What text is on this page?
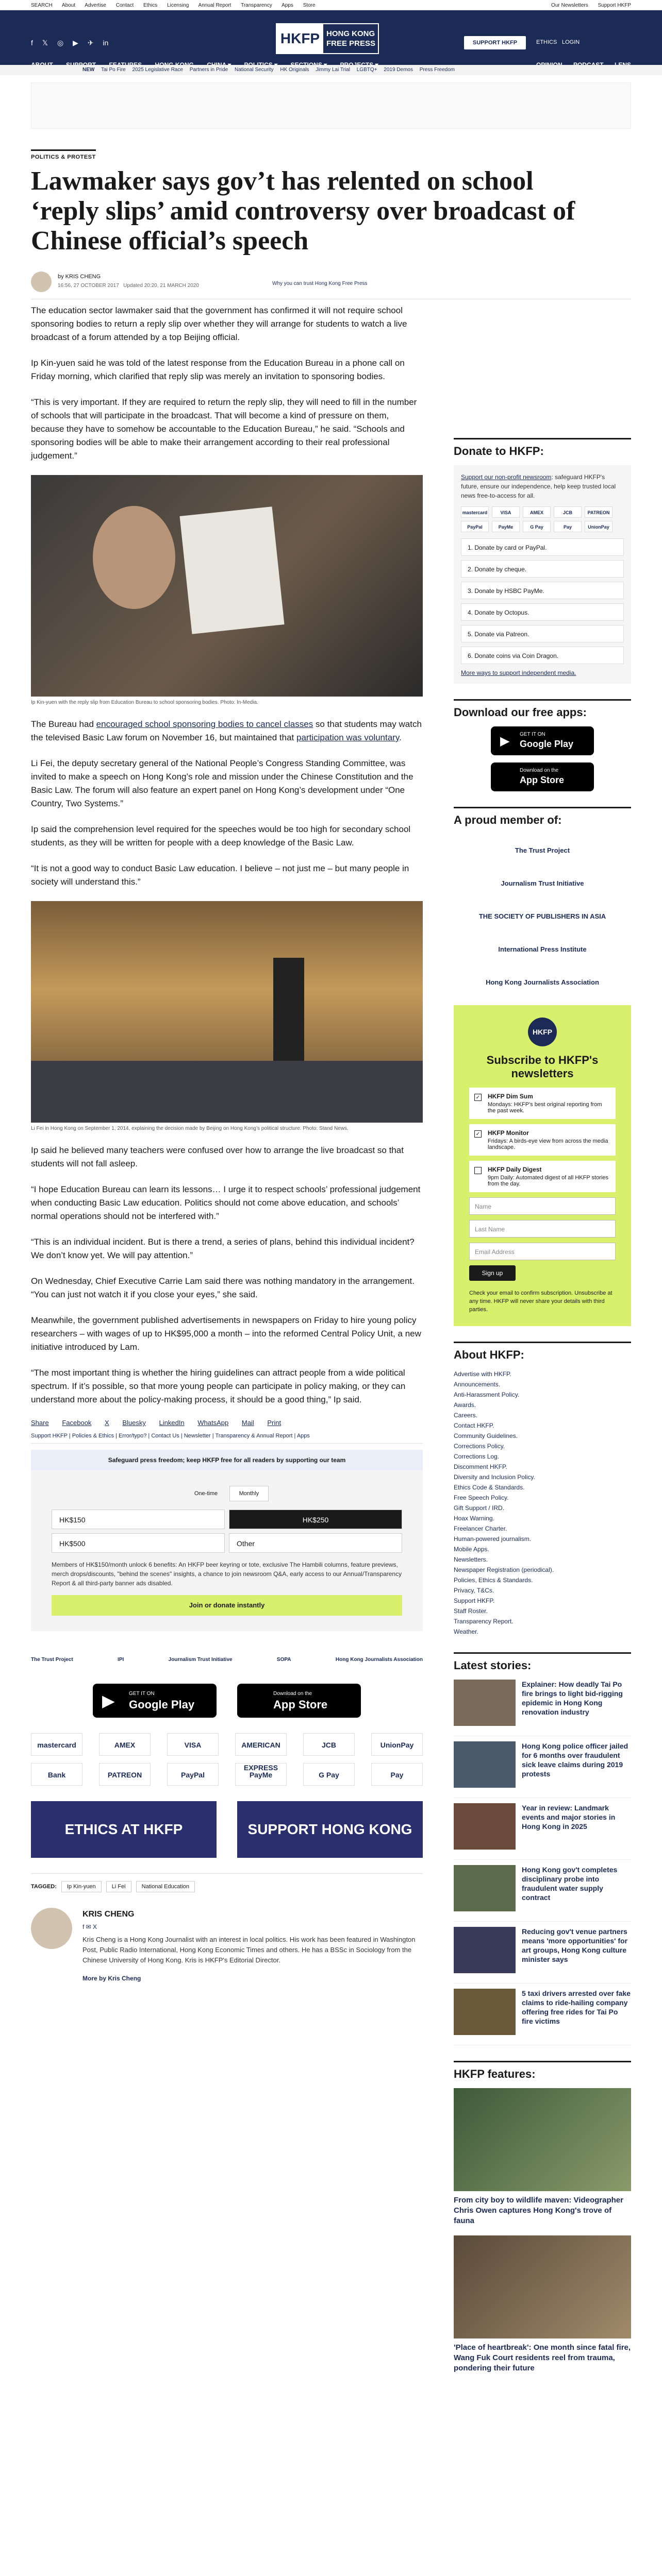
SEARCH About Advertise Contact Ethics Licensing Annual Report Transparency Apps Store	Our Newsletters Support HKFP
f 𝕏 ◎ ▶ ✈ in	HKFP HONG KONG
FREE PRESS	SUPPORT HKFP	ETHICS LOGIN
NEW Tai Po Fire 2025 Legislative Race Partners in Pride National Security HK Originals Jimmy Lai Trial LGBTQ+ 2019 Demos Press Freedom
POLITICS & PROTEST
Lawmaker says gov’t has relented on school ‘reply slips’ amid controversy over broadcast of Chinese official’s speech
by KRIS CHENG
16:56, 27 OCTOBER 2017 Updated 20:20, 21 MARCH 2020	Why you can trust Hong Kong Free Press

The education sector lawmaker said that the government has confirmed it will not require school sponsoring bodies to return a reply slip over whether they will arrange for students to watch a live broadcast of a forum attended by a top Beijing official.

Ip Kin-yuen said he was told of the latest response from the Education Bureau in a phone call on Friday morning, which clarified that reply slip was merely an invitation to sponsoring bodies.

“This is very important. If they are required to return the reply slip, they will need to fill in the number of schools that will participate in the broadcast. That will become a kind of pressure on them, because they have to somehow be accountable to the Education Bureau,” he said. “Schools and sponsoring bodies will be able to make their arrangement according to their real professional judgement.”

Ip Kin-yuen with the reply slip from Education Bureau to school sponsoring bodies. Photo: In-Media.

The Bureau had encouraged school sponsoring bodies to cancel classes so that students may watch the televised Basic Law forum on November 16, but maintained that participation was voluntary.

Li Fei, the deputy secretary general of the National People’s Congress Standing Committee, was invited to make a speech on Hong Kong’s role and mission under the Chinese Constitution and the Basic Law. The forum will also feature an expert panel on Hong Kong’s development under “One Country, Two Systems.”

Ip said the comprehension level required for the speeches would be too high for secondary school students, as they will be written for people with a deep knowledge of the Basic Law.

“It is not a good way to conduct Basic Law education. I believe – not just me – but many people in society will understand this.”

Li Fei in Hong Kong on September 1, 2014, explaining the decision made by Beijing on Hong Kong’s political structure. Photo: Stand News.

Ip said he believed many teachers were confused over how to arrange the live broadcast so that students will not fall asleep.

“I hope Education Bureau can learn its lessons… I urge it to respect schools’ professional judgement when conducting Basic Law education. Politics should not come above education, and schools’ normal operations should not be interfered with.”

“This is an individual incident. But is there a trend, a series of plans, behind this individual incident? We don’t know yet. We will pay attention.”

On Wednesday, Chief Executive Carrie Lam said there was nothing mandatory in the arrangement. “You can just not watch it if you close your eyes,” she said.

Meanwhile, the government published advertisements in newspapers on Friday to hire young policy researchers – with wages of up to HK$95,000 a month – into the reformed Central Policy Unit, a new initiative introduced by Lam.

“The most important thing is whether the hiring guidelines can attract people from a wide political spectrum. If it’s possible, so that more young people can participate in policy making, or they can understand more about the policy-making process, it should be a good thing,” Ip said.

Share Facebook X Bluesky LinkedIn WhatsApp Mail Print
Support HKFP | Policies & Ethics | Error/typo? | Contact Us | Newsletter | Transparency & Annual Report | Apps
Safeguard press freedom; keep HKFP free for all readers by supporting our team
One-time	Monthly
HK$150	HK$250
HK$500	Other
Members of HK$150/month unlock 6 benefits: An HKFP beer keyring or tote, exclusive The Hambili columns, feature previews, merch drops/discounts, "behind the scenes" insights, a chance to join newsroom Q&A, early access to our Annual/Transparency Report & all third-party banner ads disabled.
Join or donate instantly
The Trust Project	IPI	Journalism Trust Initiative	SOPA	Hong Kong Journalists Association
▶	GET IT ON
Google Play
Download on the
App Store
mastercard	AMEX	VISA	AMERICAN EXPRESS
JCB	UnionPay
Bank	PATREON	PayPal	PayMe	G Pay	Pay
ETHICS AT HKFP	SUPPORT HONG KONG FREE PRESS
TAGGED: Ip Kin-yuen	Li Fei	National Education
KRIS CHENG
f ✉ X
Kris Cheng is a Hong Kong Journalist with an interest in local politics. His work has been featured in Washington Post, Public Radio International, Hong Kong Economic Times and others. He has a BSSc in Sociology from the Chinese University of Hong Kong. Kris is HKFP's Editorial Director.
More by Kris Cheng
Donate to HKFP:

Support our non-profit newsroom: safeguard HKFP's future, ensure our independence, help keep trusted local news free-to-access for all.

mastercard	VISA	AMEX	JCB	PATREON
PayPal	PayMe	G Pay	Pay	UnionPay
1. Donate by card or PayPal.
2. Donate by cheque.
3. Donate by HSBC PayMe.
4. Donate by Octopus.
5. Donate via Patreon.
6. Donate coins via Coin Dragon.
More ways to support independent media.
Download our free apps:
▶ GET IT ON
Google Play
Download on the
App Store
A proud member of:
The Trust Project
Journalism Trust Initiative
THE SOCIETY OF PUBLISHERS IN ASIA
International Press Institute
Hong Kong Journalists Association
HKFP
Subscribe to HKFP's newsletters
✓ HKFP Dim Sum
Mondays: HKFP's best original reporting from the past week.
✓ HKFP Monitor
Fridays: A birds-eye view from across the media landscape.
HKFP Daily Digest
9pm Daily: Automated digest of all HKFP stories from the day.
Name
Last Name
Email Address
Sign up
Check your email to confirm subscription. Unsubscribe at any time. HKFP will never share your details with third parties.
About HKFP:
Advertise with HKFP.
Announcements.
Anti-Harassment Policy.
Awards.
Careers.
Contact HKFP.
Community Guidelines.
Corrections Policy.
Corrections Log.
Discomment HKFP.
Diversity and Inclusion Policy.
Ethics Code & Standards.
Free Speech Policy.
Gift Support / IRD.
Hoax Warning.
Freelancer Charter.
Human-powered journalism.
Mobile Apps.
Newsletters.
Newspaper Registration (periodical).
Policies, Ethics & Standards.
Privacy, T&Cs.
Support HKFP.
Staff Roster.
Transparency Report.
Weather.
Latest stories:
Explainer: How deadly Tai Po fire brings to light bid-rigging epidemic in Hong Kong renovation industry
Hong Kong police officer jailed for 6 months over fraudulent sick leave claims during 2019 protests
Year in review: Landmark events and major stories in Hong Kong in 2025
Hong Kong gov't completes disciplinary probe into fraudulent water supply contract
Reducing gov't venue partners means 'more opportunities' for art groups, Hong Kong culture minister says
5 taxi drivers arrested over fake claims to ride-hailing company offering free rides for Tai Po fire victims
HKFP features:
From city boy to wildlife maven: Videographer Chris Owen captures Hong Kong's trove of fauna
'Place of heartbreak': One month since fatal fire, Wang Fuk Court residents reel from trauma, pondering their future
